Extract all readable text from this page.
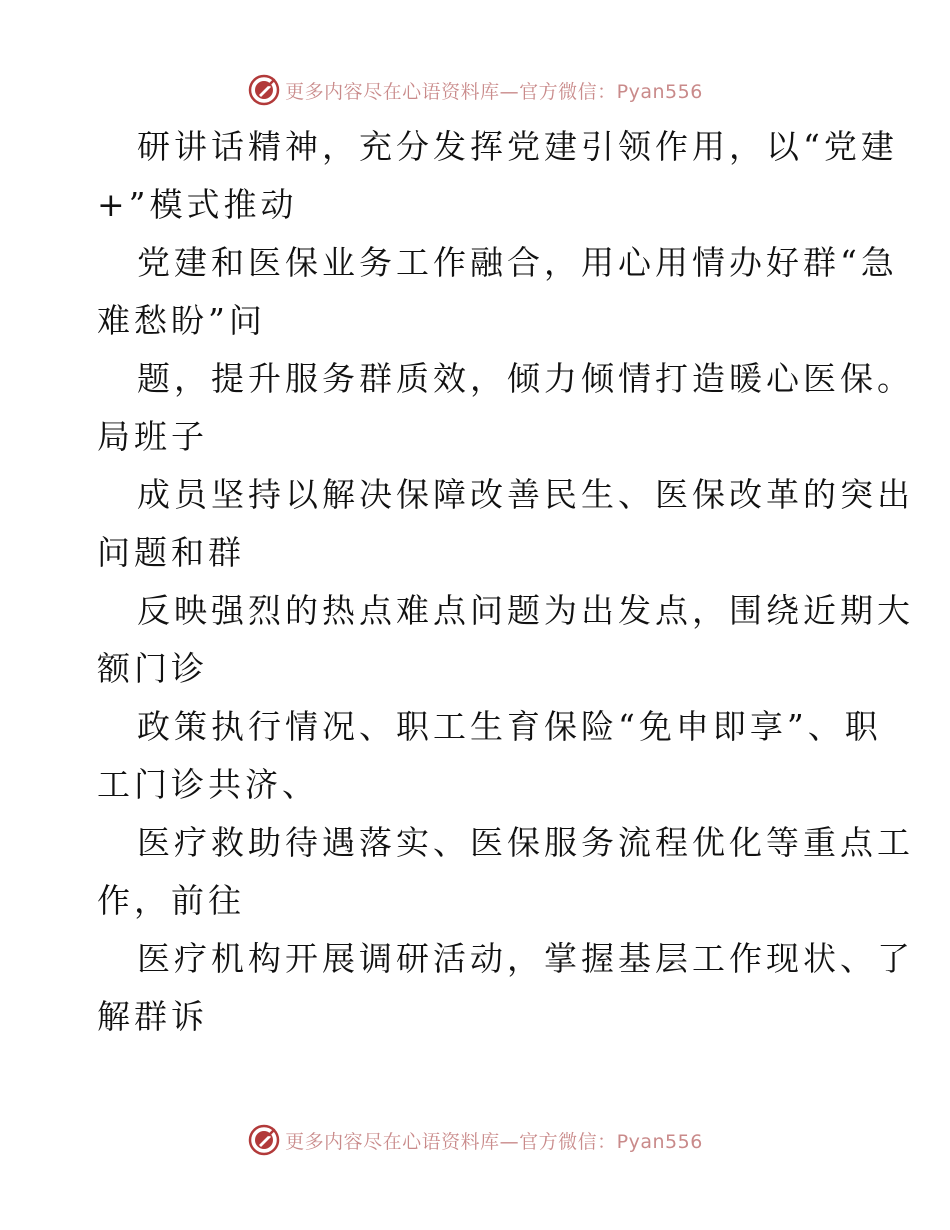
更多内容尽在心语资料库—官方微信：Pyan556

研讲话精神，充分发挥党建引领作用，以“党建
+”模式推动

党建和医保业务工作融合，用心用情办好群“急
难愁盼”问

题，提升服务群质效，倾力倾情打造暖心医保。
局班子

成员坚持以解决保障改善民生、医保改革的突出
问题和群

反映强烈的热点难点问题为出发点，围绕近期大
额门诊

政策执行情况、职工生育保险“免申即享”、职
工门诊共济、

医疗救助待遇落实、医保服务流程优化等重点工
作，前往

医疗机构开展调研活动，掌握基层工作现状、了
解群诉

更多内容尽在心语资料库—官方微信：Pyan556
